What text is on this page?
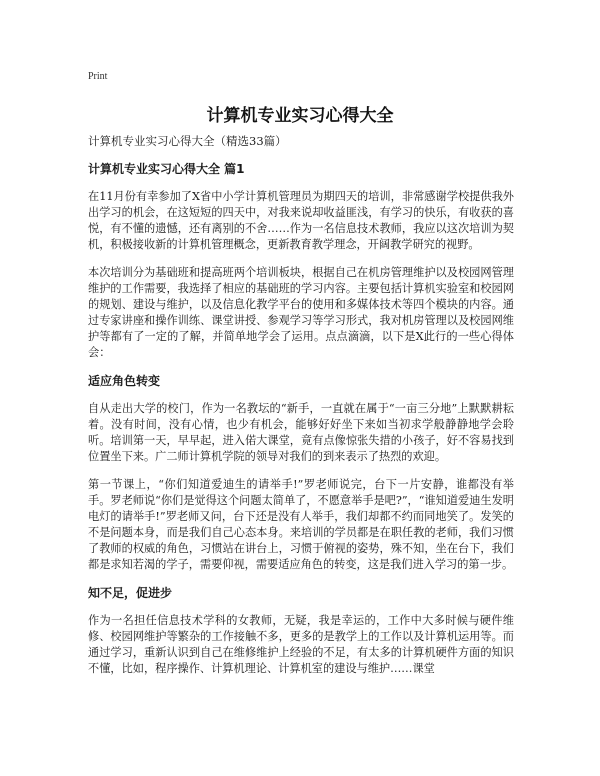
Print
计算机专业实习心得大全

计算机专业实习心得大全（精选33篇）

计算机专业实习心得大全 篇1

在11月份有幸参加了X省中小学计算机管理员为期四天的培训，非常感谢学校提供我外出学习的机会，在这短短的四天中，对我来说却收益匪浅，有学习的快乐，有收获的喜悦，有不懂的遗憾，还有离别的不舍……作为一名信息技术教师，我应以这次培训为契机，积极接收新的计算机管理概念，更新教育教学理念，开阔教学研究的视野。

本次培训分为基础班和提高班两个培训板块，根据自己在机房管理维护以及校园网管理维护的工作需要，我选择了相应的基础班的学习内容。主要包括计算机实验室和校园网的规划、建设与维护，以及信息化教学平台的使用和多媒体技术等四个模块的内容。通过专家讲座和操作训练、课堂讲授、参观学习等学习形式，我对机房管理以及校园网维护等都有了一定的了解，并简单地学会了运用。点点滴滴，以下是X此行的一些心得体会：

适应角色转变

自从走出大学的校门，作为一名教坛的“新手，一直就在属于“一亩三分地”上默默耕耘着。没有时间，没有心情，也少有机会，能够好好坐下来如当初求学般静静地学会聆听。培训第一天，早早起，进入偌大课堂，竟有点像惊张失措的小孩子，好不容易找到位置坐下来。广二师计算机学院的领导对我们的到来表示了热烈的欢迎。

第一节课上，“你们知道爱迪生的请举手!”罗老师说完，台下一片安静，谁都没有举手。罗老师说“你们是觉得这个问题太简单了，不愿意举手是吧?”，“谁知道爱迪生发明电灯的请举手!”罗老师又问，台下还是没有人举手，我们却都不约而同地笑了。发笑的不是问题本身，而是我们自己心态本身。来培训的学员都是在职任教的老师，我们习惯了教师的权威的角色，习惯站在讲台上，习惯于俯视的姿势，殊不知，坐在台下，我们都是求知若渴的学子，需要仰视，需要适应角色的转变，这是我们进入学习的第一步。

知不足，促进步

作为一名担任信息技术学科的女教师，无疑，我是幸运的，工作中大多时候与硬件维修、校园网维护等繁杂的工作接触不多，更多的是教学上的工作以及计算机运用等。而通过学习，重新认识到自己在维修维护上经验的不足，有太多的计算机硬件方面的知识不懂，比如，程序操作、计算机理论、计算机室的建设与维护……课堂
